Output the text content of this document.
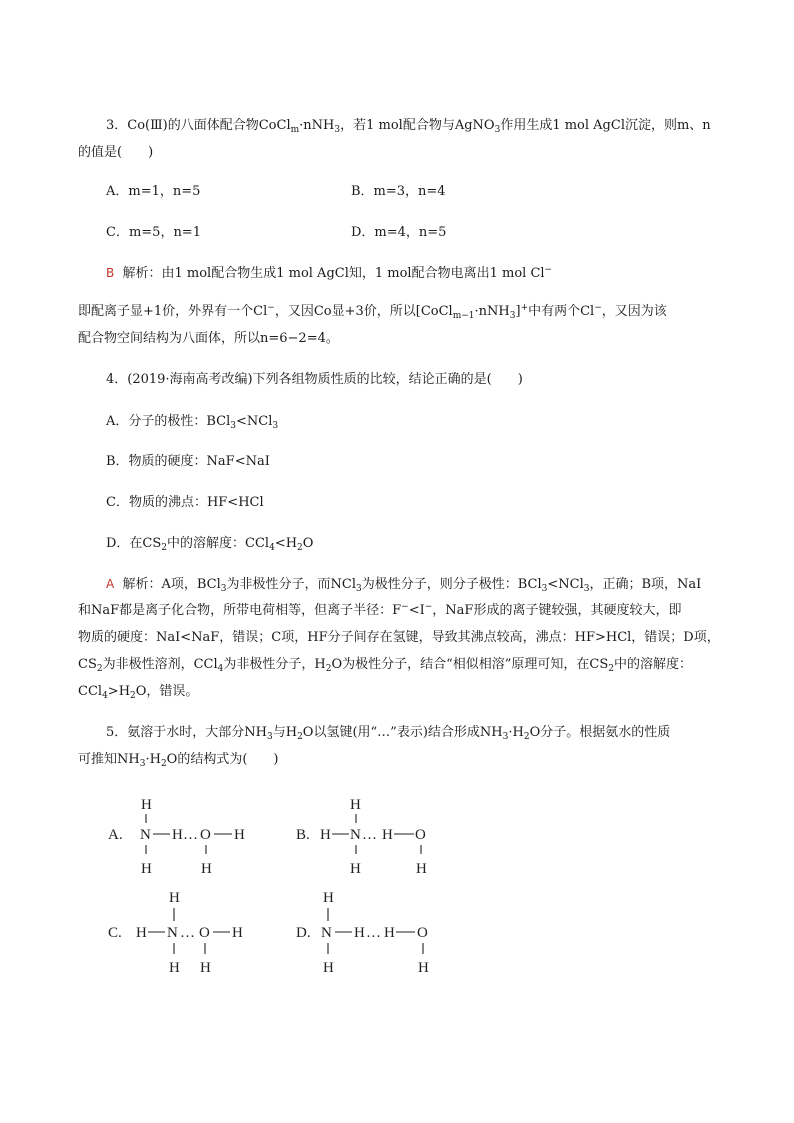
3．Co(Ⅲ)的八面体配合物CoCl$_m$·nNH$_3$，若1 mol配合物与AgNO$_3$作用生成1 mol AgCl沉淀，则m、n
的值是(　　)
A．m=1，n=5	B．m=3，n=4
C．m=5，n=1	D．m=4，n=5
B 解析：由1 mol配合物生成1 mol AgCl知，1 mol配合物电离出1 mol Cl−
即配离子显+1价，外界有一个Cl−，又因Co显+3价，所以[CoCl$_{m-1}$·nNH$_3$]+中有两个Cl−，又因为该
配合物空间结构为八面体，所以n=6−2=4。
4．(2019·海南高考改编)下列各组物质性质的比较，结论正确的是(　　)
A．分子的极性：BCl$_3$<NCl$_3$
B．物质的硬度：NaF<NaI
C．物质的沸点：HF<HCl
D．在$CS_2$中的溶解度：$CCl_4<H_2O$
A 解析：A项，BCl$_3$为非极性分子，而NCl$_3$为极性分子，则分子极性：BCl$_3$<NCl$_3$，正确；B项，NaI
和NaF都是离子化合物，所带电荷相等，但离子半径：F−<I−，NaF形成的离子键较强，其硬度较大，即
物质的硬度：NaI<NaF，错误；C项，HF分子间存在氢键，导致其沸点较高，沸点：HF>HCl，错误；D项，
$CS_2$为非极性溶剂，CCl$_4$为非极性分子，$H_2O$为极性分子，结合“相似相溶”原理可知，在$CS_2$中的溶解度：
$CCl_4>H_2O$，错误。
5．氨溶于水时，大部分$NH_3$与$H_2O$以氢键(用“…”表示)结合形成$NH_3\cdot H_2O$分子。根据氨水的性质
可推知$NH_3\cdot H_2O$的结构式为(　　)
A.
H
N H … O H
H	H
B. H
H
N … H O
H	H
C. H
H
N … O H
H H
D.
H
N H … H O
H	H
